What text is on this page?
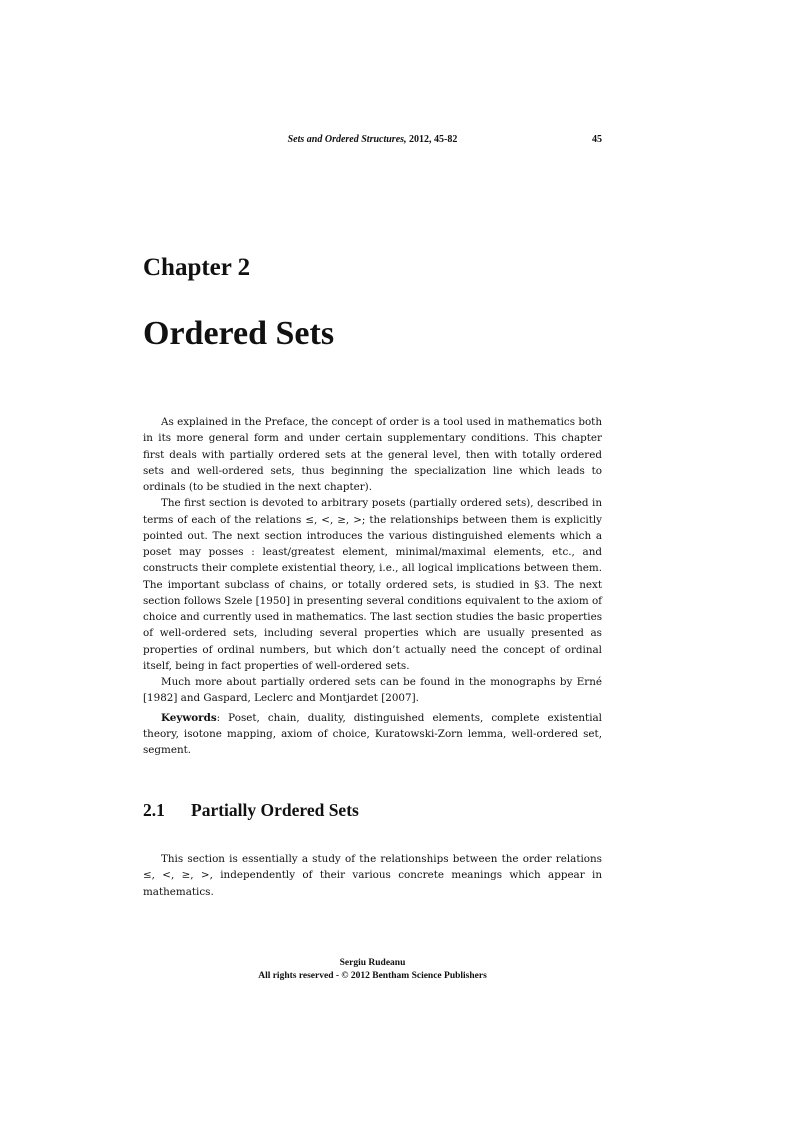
Sets and Ordered Structures, 2012, 45-82	45
Chapter 2
Ordered Sets

As explained in the Preface, the concept of order is a tool used in mathematics both in its more general form and under certain supplementary conditions. This chapter first deals with partially ordered sets at the general level, then with totally ordered sets and well-ordered sets, thus beginning the specialization line which leads to ordinals (to be studied in the next chapter).

The first section is devoted to arbitrary posets (partially ordered sets), described in terms of each of the relations ≤, <, ≥, >; the relationships between them is explicitly pointed out. The next section introduces the various distinguished elements which a poset may posses : least/greatest element, minimal/maximal elements, etc., and constructs their complete existential theory, i.e., all logical implications between them. The important subclass of chains, or totally ordered sets, is studied in §3. The next section follows Szele [1950] in presenting several conditions equivalent to the axiom of choice and currently used in mathematics. The last section studies the basic properties of well-ordered sets, including several properties which are usually presented as properties of ordinal numbers, but which don’t actually need the concept of ordinal itself, being in fact properties of well-ordered sets.

Much more about partially ordered sets can be found in the monographs by Erné [1982] and Gaspard, Leclerc and Montjardet [2007].

Keywords: Poset, chain, duality, distinguished elements, complete existential theory, isotone mapping, axiom of choice, Kuratowski-Zorn lemma, well-ordered set, segment.

2.1 Partially Ordered Sets

This section is essentially a study of the relationships between the order relations ≤, <, ≥, >, independently of their various concrete meanings which appear in mathematics.

Sergiu Rudeanu
All rights reserved - © 2012 Bentham Science Publishers
